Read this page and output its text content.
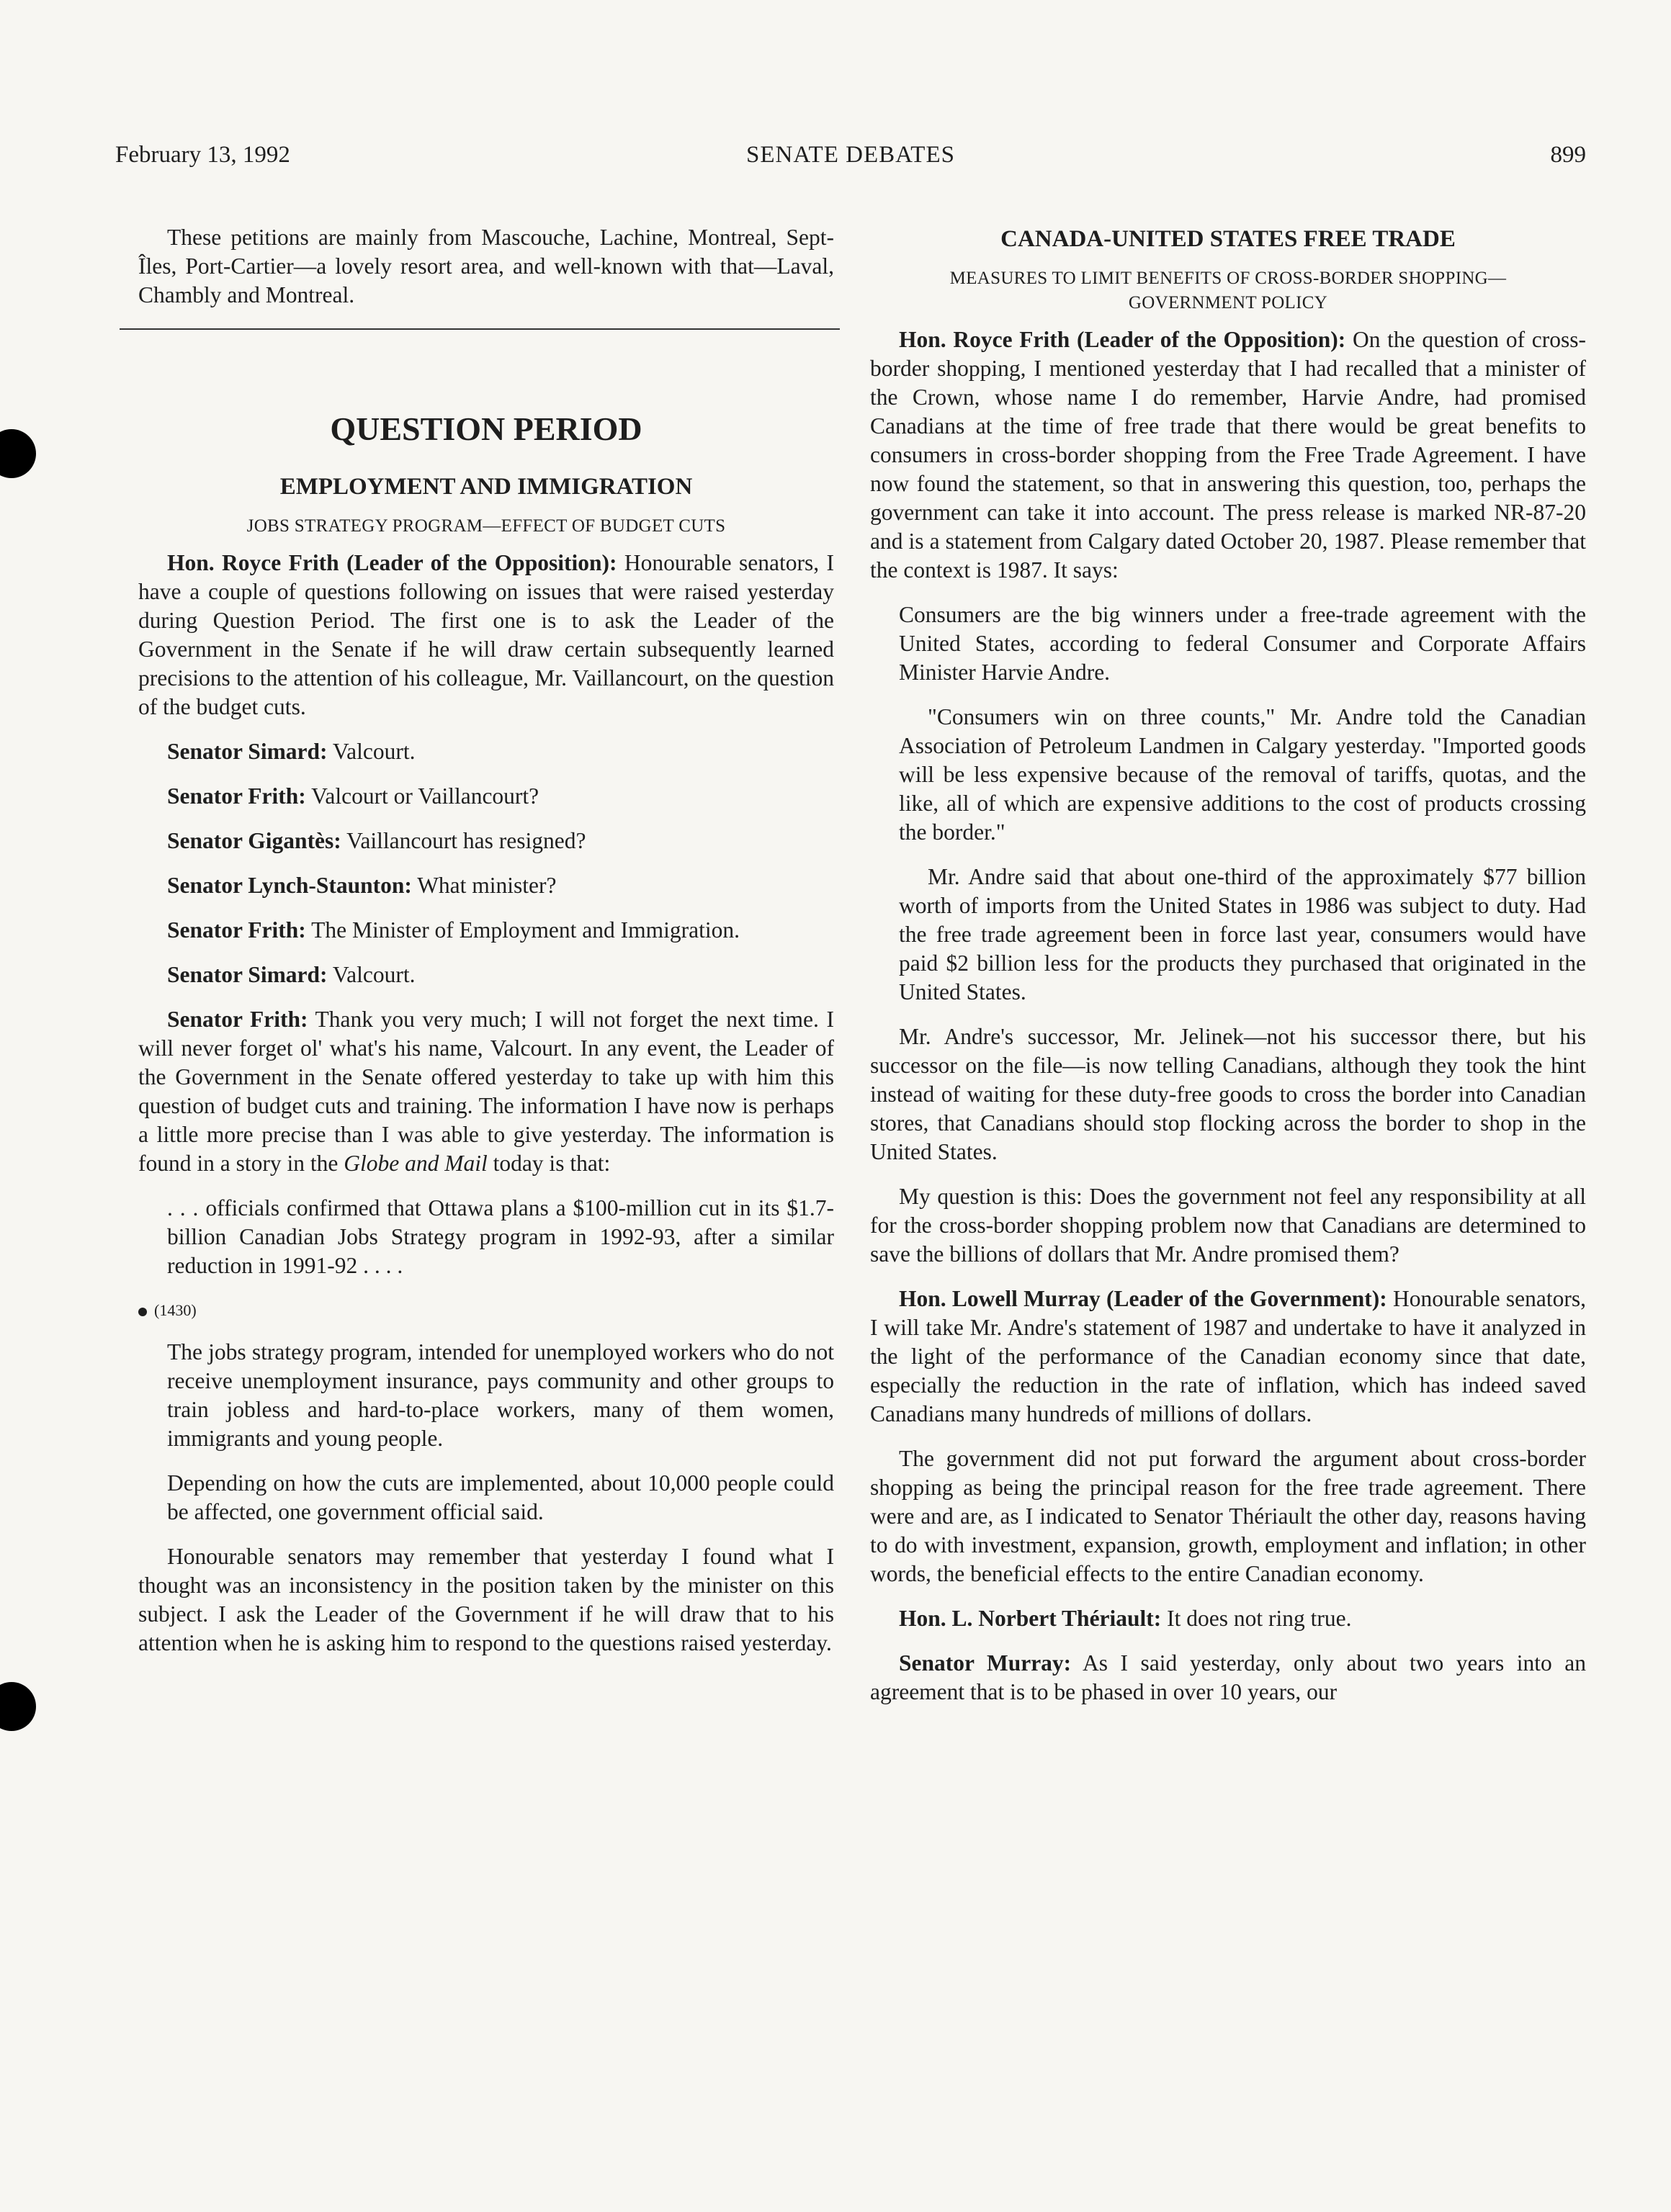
February 13, 1992	SENATE DEBATES	899

These petitions are mainly from Mascouche, Lachine, Montreal, Sept-Îles, Port-Cartier—a lovely resort area, and well-known with that—Laval, Chambly and Montreal.

QUESTION PERIOD
EMPLOYMENT AND IMMIGRATION
JOBS STRATEGY PROGRAM—EFFECT OF BUDGET CUTS

Hon. Royce Frith (Leader of the Opposition): Honourable senators, I have a couple of questions following on issues that were raised yesterday during Question Period. The first one is to ask the Leader of the Government in the Senate if he will draw certain subsequently learned precisions to the attention of his colleague, Mr. Vaillancourt, on the question of the budget cuts.

Senator Simard: Valcourt.

Senator Frith: Valcourt or Vaillancourt?

Senator Gigantès: Vaillancourt has resigned?

Senator Lynch-Staunton: What minister?

Senator Frith: The Minister of Employment and Immigration.

Senator Simard: Valcourt.

Senator Frith: Thank you very much; I will not forget the next time. I will never forget ol' what's his name, Valcourt. In any event, the Leader of the Government in the Senate offered yesterday to take up with him this question of budget cuts and training. The information I have now is perhaps a little more precise than I was able to give yesterday. The information is found in a story in the Globe and Mail today is that:

. . . officials confirmed that Ottawa plans a $100-million cut in its $1.7-billion Canadian Jobs Strategy program in 1992-93, after a similar reduction in 1991-92 . . . .
(1430)
The jobs strategy program, intended for unemployed workers who do not receive unemployment insurance, pays community and other groups to train jobless and hard-to-place workers, many of them women, immigrants and young people.
Depending on how the cuts are implemented, about 10,000 people could be affected, one government official said.

Honourable senators may remember that yesterday I found what I thought was an inconsistency in the position taken by the minister on this subject. I ask the Leader of the Government if he will draw that to his attention when he is asking him to respond to the questions raised yesterday.

CANADA-UNITED STATES FREE TRADE
MEASURES TO LIMIT BENEFITS OF CROSS-BORDER SHOPPING—GOVERNMENT POLICY

Hon. Royce Frith (Leader of the Opposition): On the question of cross-border shopping, I mentioned yesterday that I had recalled that a minister of the Crown, whose name I do remember, Harvie Andre, had promised Canadians at the time of free trade that there would be great benefits to consumers in cross-border shopping from the Free Trade Agreement. I have now found the statement, so that in answering this question, too, perhaps the government can take it into account. The press release is marked NR-87-20 and is a statement from Calgary dated October 20, 1987. Please remember that the context is 1987. It says:

Consumers are the big winners under a free-trade agreement with the United States, according to federal Consumer and Corporate Affairs Minister Harvie Andre.
"Consumers win on three counts," Mr. Andre told the Canadian Association of Petroleum Landmen in Calgary yesterday. "Imported goods will be less expensive because of the removal of tariffs, quotas, and the like, all of which are expensive additions to the cost of products crossing the border."
Mr. Andre said that about one-third of the approximately $77 billion worth of imports from the United States in 1986 was subject to duty. Had the free trade agreement been in force last year, consumers would have paid $2 billion less for the products they purchased that originated in the United States.

Mr. Andre's successor, Mr. Jelinek—not his successor there, but his successor on the file—is now telling Canadians, although they took the hint instead of waiting for these duty-free goods to cross the border into Canadian stores, that Canadians should stop flocking across the border to shop in the United States.

My question is this: Does the government not feel any responsibility at all for the cross-border shopping problem now that Canadians are determined to save the billions of dollars that Mr. Andre promised them?

Hon. Lowell Murray (Leader of the Government): Honourable senators, I will take Mr. Andre's statement of 1987 and undertake to have it analyzed in the light of the performance of the Canadian economy since that date, especially the reduction in the rate of inflation, which has indeed saved Canadians many hundreds of millions of dollars.

The government did not put forward the argument about cross-border shopping as being the principal reason for the free trade agreement. There were and are, as I indicated to Senator Thériault the other day, reasons having to do with investment, expansion, growth, employment and inflation; in other words, the beneficial effects to the entire Canadian economy.

Hon. L. Norbert Thériault: It does not ring true.

Senator Murray: As I said yesterday, only about two years into an agreement that is to be phased in over 10 years, our
